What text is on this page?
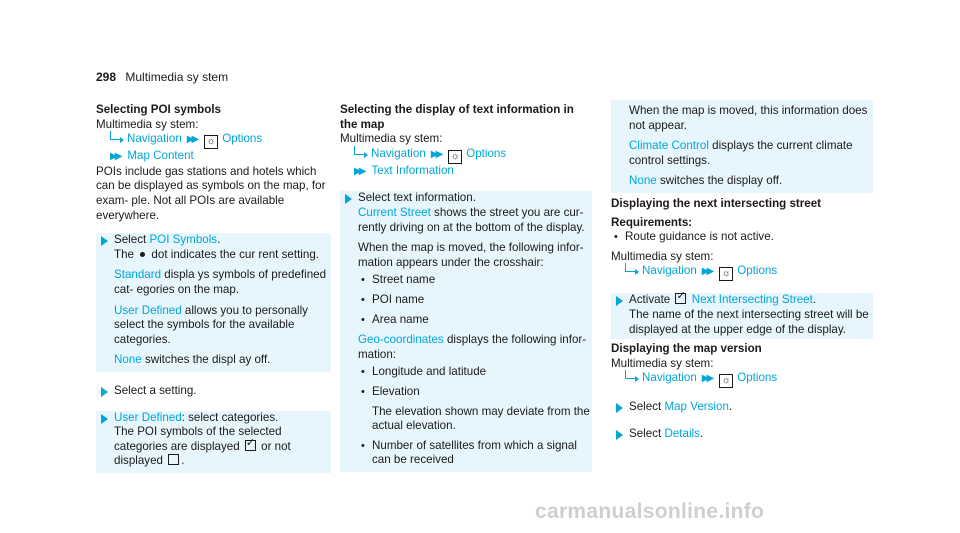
298 Multimedia sy stem
Selecting POI symbols

Multimedia sy stem:

Navigation ▶▶ ☼ Options
▶▶ Map Content

POIs include gas stations and hotels which can be displayed as symbols on the map, for exam‑ ple. Not all POIs are available everywhere.

Select POI Symbols.

The  dot indicates the cur rent setting.

Standard displa ys symbols of predefined cat‑ egories on the map.

User Defined allows you to personally select the symbols for the available categories.

None switches the displ ay off.

Select a setting.

User Defined: select categories.

The POI symbols of the selected categories are displayed ✓ or not displayed .

Selecting the display of text information in the map

Multimedia sy stem:

Navigation ▶▶ ☼ Options
▶▶ Text Information

Select text information.

Current Street shows the street you are cur‑ rently driving on at the bottom of the display.

When the map is moved, the following infor‑ mation appears under the crosshair:

• Street name
• POI name
• Area name

Geo-coordinates displays the following infor‑ mation:

• Longitude and latitude
• Elevation

The elevation shown may deviate from the actual elevation.
• Number of satellites from which a signal can be received

When the map is moved, this information does not appear.

Climate Control displays the current climate control settings.

None switches the display off.

Displaying the next intersecting street

Requirements:

• Route guidance is not active.

Multimedia sy stem:

Navigation ▶▶ ☼ Options

Activate ✓ Next Intersecting Street.

The name of the next intersecting street will be displayed at the upper edge of the display.

Displaying the map version

Multimedia sy stem:

Navigation ▶▶ ☼ Options

Select Map Version.

Select Details.

carmanualsonline.info
